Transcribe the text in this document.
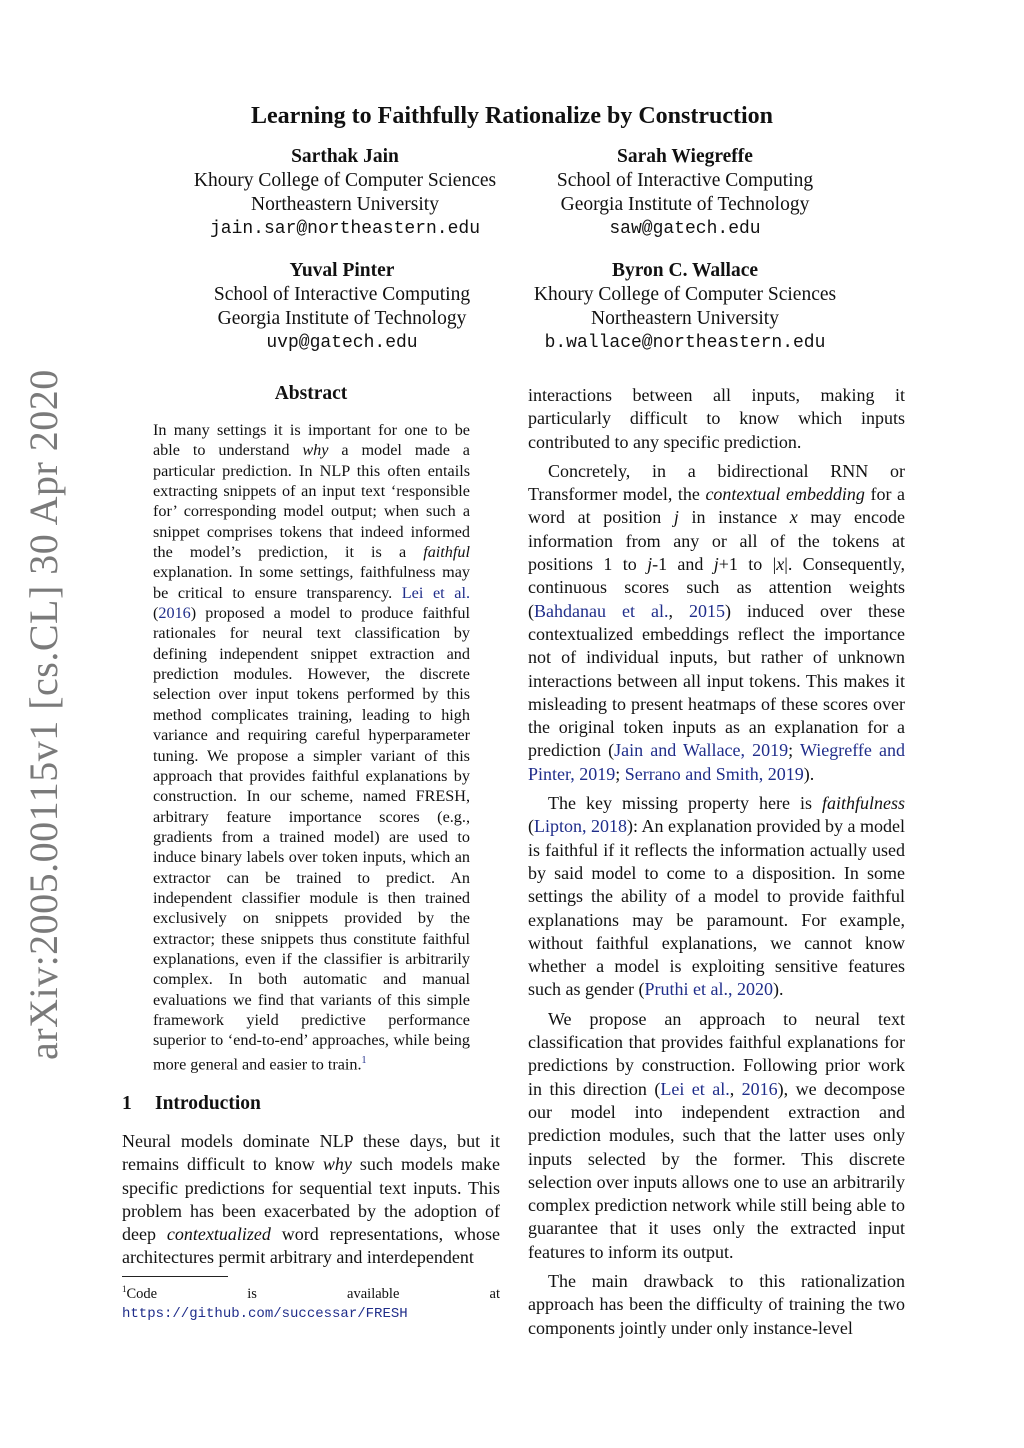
arXiv:2005.00115v1 [cs.CL] 30 Apr 2020
Learning to Faithfully Rationalize by Construction
Sarthak Jain
Khoury College of Computer Sciences
Northeastern University
jain.sar@northeastern.edu
Sarah Wiegreffe
School of Interactive Computing
Georgia Institute of Technology
saw@gatech.edu
Yuval Pinter
School of Interactive Computing
Georgia Institute of Technology
uvp@gatech.edu
Byron C. Wallace
Khoury College of Computer Sciences
Northeastern University
b.wallace@northeastern.edu
Abstract
In many settings it is important for one to be able to understand why a model made a particular prediction. In NLP this often entails extracting snippets of an input text ‘responsible for’ corresponding model output; when such a snippet comprises tokens that indeed informed the model’s prediction, it is a faithful explanation. In some settings, faithfulness may be critical to ensure transparency. Lei et al. (2016) proposed a model to produce faithful rationales for neural text classification by defining independent snippet extraction and prediction modules. However, the discrete selection over input tokens performed by this method complicates training, leading to high variance and requiring careful hyperparameter tuning. We propose a simpler variant of this approach that provides faithful explanations by construction. In our scheme, named FRESH, arbitrary feature importance scores (e.g., gradients from a trained model) are used to induce binary labels over token inputs, which an extractor can be trained to predict. An independent classifier module is then trained exclusively on snippets provided by the extractor; these snippets thus constitute faithful explanations, even if the classifier is arbitrarily complex. In both automatic and manual evaluations we find that variants of this simple framework yield predictive performance superior to ‘end-to-end’ approaches, while being more general and easier to train.$^1$
1 Introduction

Neural models dominate NLP these days, but it remains difficult to know why such models make specific predictions for sequential text inputs. This problem has been exacerbated by the adoption of deep contextualized word representations, whose architectures permit arbitrary and interdependent

$^1$Code is available at https://github.com/successar/FRESH

interactions between all inputs, making it particularly difficult to know which inputs contributed to any specific prediction.

Concretely, in a bidirectional RNN or Transformer model, the contextual embedding for a word at position j in instance x may encode information from any or all of the tokens at positions 1 to j-1 and j+1 to |x|. Consequently, continuous scores such as attention weights (Bahdanau et al., 2015) induced over these contextualized embeddings reflect the importance not of individual inputs, but rather of unknown interactions between all input tokens. This makes it misleading to present heatmaps of these scores over the original token inputs as an explanation for a prediction (Jain and Wallace, 2019; Wiegreffe and Pinter, 2019; Serrano and Smith, 2019).

The key missing property here is faithfulness (Lipton, 2018): An explanation provided by a model is faithful if it reflects the information actually used by said model to come to a disposition. In some settings the ability of a model to provide faithful explanations may be paramount. For example, without faithful explanations, we cannot know whether a model is exploiting sensitive features such as gender (Pruthi et al., 2020).

We propose an approach to neural text classification that provides faithful explanations for predictions by construction. Following prior work in this direction (Lei et al., 2016), we decompose our model into independent extraction and prediction modules, such that the latter uses only inputs selected by the former. This discrete selection over inputs allows one to use an arbitrarily complex prediction network while still being able to guarantee that it uses only the extracted input features to inform its output.

The main drawback to this rationalization approach has been the difficulty of training the two components jointly under only instance-level
